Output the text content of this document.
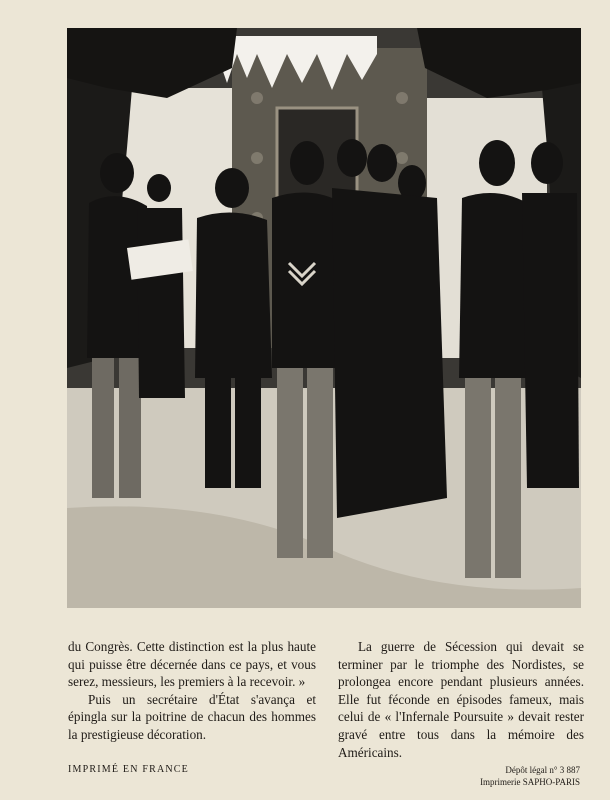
du Congrès. Cette distinction est la plus haute qui puisse être décernée dans ce pays, et vous serez, messieurs, les premiers à la recevoir. »

Puis un secrétaire d'État s'avança et épingla sur la poitrine de chacun des hommes la prestigieuse décoration.

La guerre de Sécession qui devait se terminer par le triomphe des Nordistes, se prolongea encore pendant plusieurs années. Elle fut féconde en épisodes fameux, mais celui de « l'Infernale Poursuite » devait rester gravé entre tous dans la mémoire des Américains.

IMPRIMÉ EN FRANCE	Dépôt légal n° 3 887
Imprimerie SAPHO-PARIS
